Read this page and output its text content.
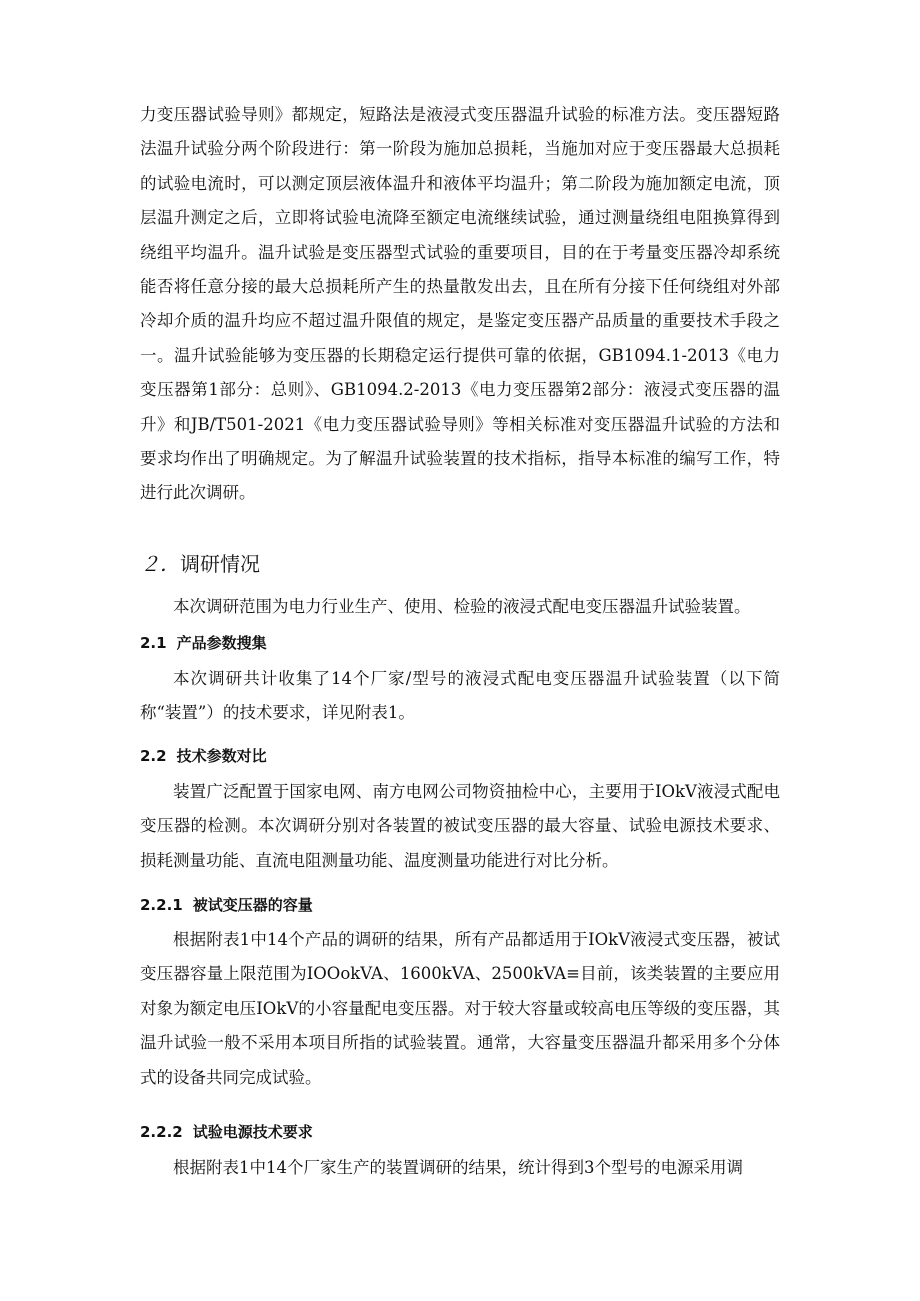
力变压器试验导则》都规定，短路法是液浸式变压器温升试验的标准方法。变压器短路法温升试验分两个阶段进行：第一阶段为施加总损耗，当施加对应于变压器最大总损耗的试验电流时，可以测定顶层液体温升和液体平均温升；第二阶段为施加额定电流，顶层温升测定之后，立即将试验电流降至额定电流继续试验，通过测量绕组电阻换算得到绕组平均温升。温升试验是变压器型式试验的重要项目，目的在于考量变压器冷却系统能否将任意分接的最大总损耗所产生的热量散发出去，且在所有分接下任何绕组对外部冷却介质的温升均应不超过温升限值的规定，是鉴定变压器产品质量的重要技术手段之一。温升试验能够为变压器的长期稳定运行提供可靠的依据，GB1094.1-2013《电力变压器第1部分：总则》、GB1094.2-2013《电力变压器第2部分：液浸式变压器的温升》和JB/T501-2021《电力变压器试验导则》等相关标准对变压器温升试验的方法和要求均作出了明确规定。为了解温升试验装置的技术指标，指导本标准的编写工作，特进行此次调研。

２．调研情况

本次调研范围为电力行业生产、使用、检验的液浸式配电变压器温升试验装置。

2.1 产品参数搜集

本次调研共计收集了14个厂家/型号的液浸式配电变压器温升试验装置（以下简称“装置”）的技术要求，详见附表1。

2.2 技术参数对比

装置广泛配置于国家电网、南方电网公司物资抽检中心，主要用于IOkV液浸式配电变压器的检测。本次调研分别对各装置的被试变压器的最大容量、试验电源技术要求、损耗测量功能、直流电阻测量功能、温度测量功能进行对比分析。

2.2.1 被试变压器的容量

根据附表1中14个产品的调研的结果，所有产品都适用于IOkV液浸式变压器，被试变压器容量上限范围为IOOokVA、1600kVA、2500kVA≡目前，该类装置的主要应用对象为额定电压IOkV的小容量配电变压器。对于较大容量或较高电压等级的变压器，其温升试验一般不采用本项目所指的试验装置。通常，大容量变压器温升都采用多个分体式的设备共同完成试验。

2.2.2 试验电源技术要求

根据附表1中14个厂家生产的装置调研的结果，统计得到3个型号的电源采用调
